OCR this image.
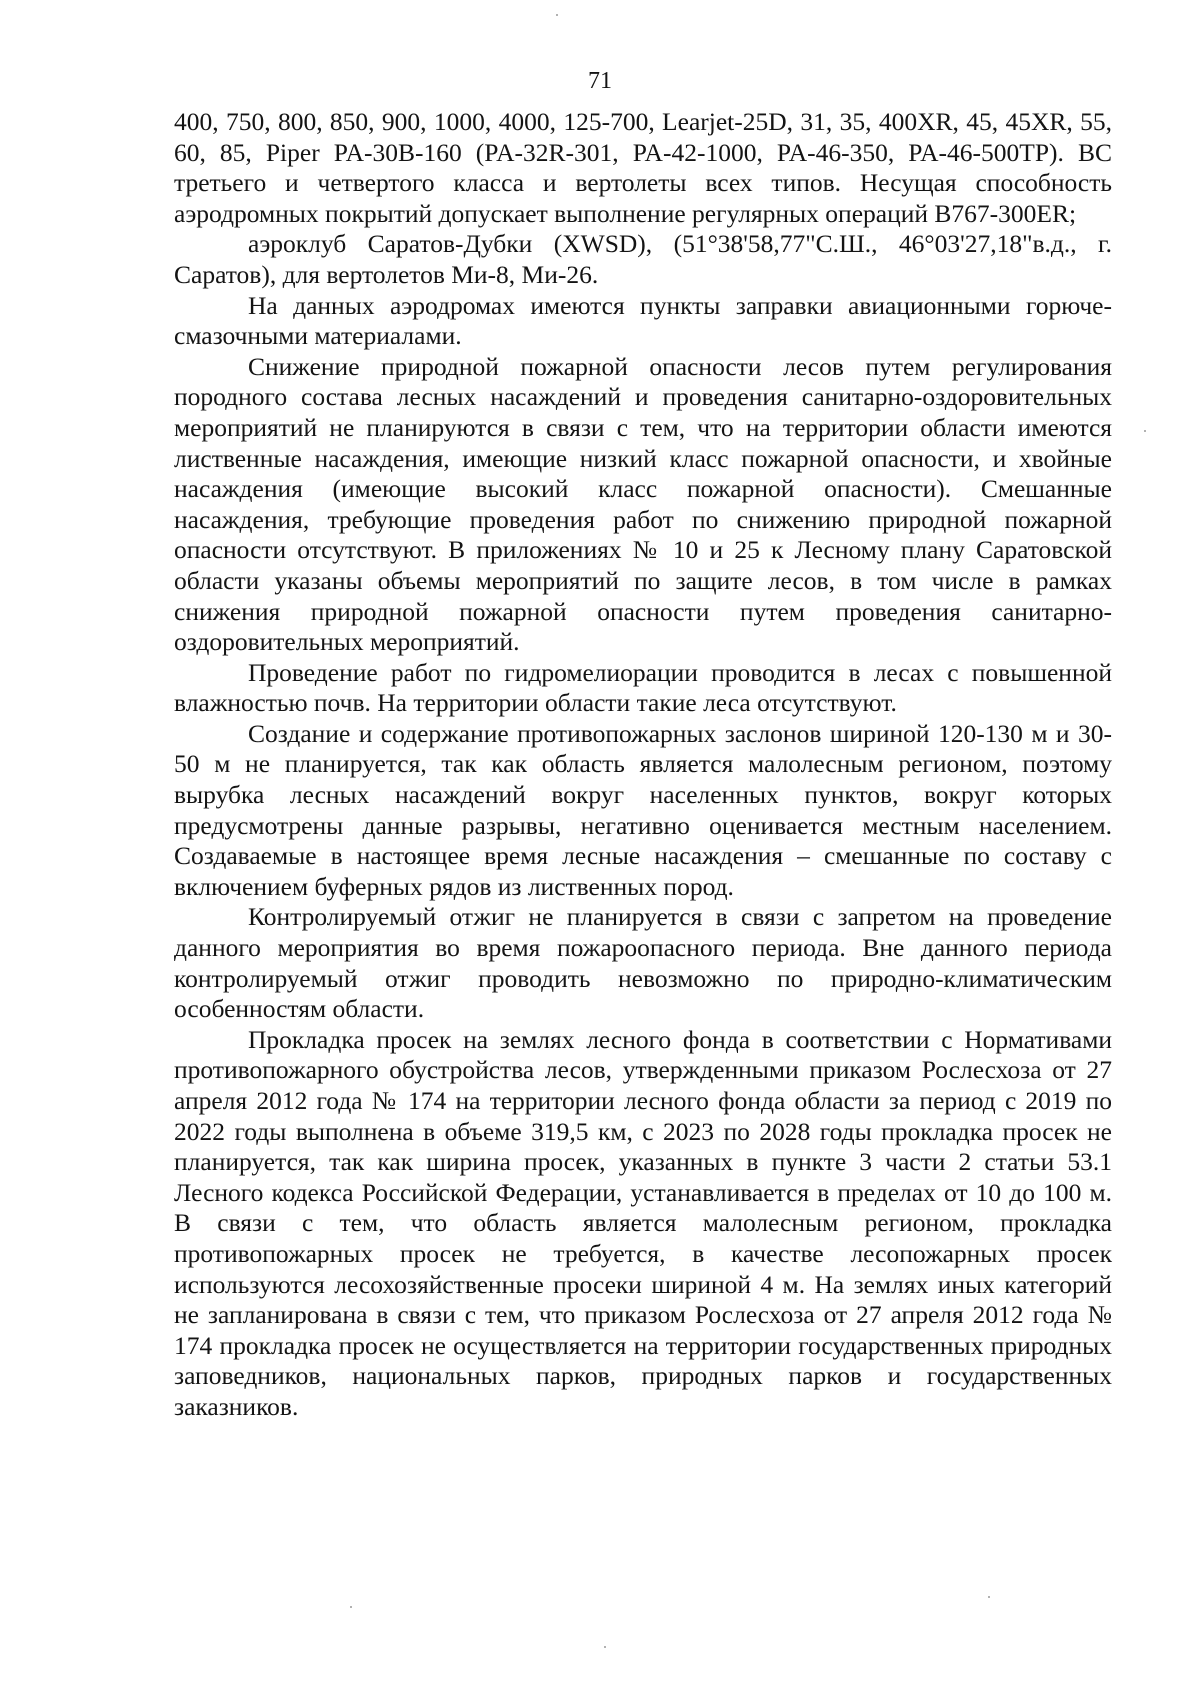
71

400, 750, 800, 850, 900, 1000, 4000, 125-700, Learjet-25D, 31, 35, 400XR, 45, 45XR, 55, 60, 85, Piper PA-30B-160 (PA-32R-301, PA-42-1000, PA-46-350, PA-46-500TP). ВС третьего и четвертого класса и вертолеты всех типов. Несущая способность аэродромных покрытий допускает выполнение регулярных операций B767-300ER;

аэроклуб Саратов-Дубки (XWSD), (51°38'58,77"С.Ш., 46°03'27,18"в.д., г. Саратов), для вертолетов Ми-8, Ми-26.

На данных аэродромах имеются пункты заправки авиационными горюче-смазочными материалами.

Снижение природной пожарной опасности лесов путем регулирования породного состава лесных насаждений и проведения санитарно-оздоровительных мероприятий не планируются в связи с тем, что на территории области имеются лиственные насаждения, имеющие низкий класс пожарной опасности, и хвойные насаждения (имеющие высокий класс пожарной опасности). Смешанные насаждения, требующие проведения работ по снижению природной пожарной опасности отсутствуют. В приложениях № 10 и 25 к Лесному плану Саратовской области указаны объемы мероприятий по защите лесов, в том числе в рамках снижения природной пожарной опасности путем проведения санитарно-оздоровительных мероприятий.

Проведение работ по гидромелиорации проводится в лесах с повышенной влажностью почв. На территории области такие леса отсутствуют.

Создание и содержание противопожарных заслонов шириной 120-130 м и 30-50 м не планируется, так как область является малолесным регионом, поэтому вырубка лесных насаждений вокруг населенных пунктов, вокруг которых предусмотрены данные разрывы, негативно оценивается местным населением. Создаваемые в настоящее время лесные насаждения – смешанные по составу с включением буферных рядов из лиственных пород.

Контролируемый отжиг не планируется в связи с запретом на проведение данного мероприятия во время пожароопасного периода. Вне данного периода контролируемый отжиг проводить невозможно по природно-климатическим особенностям области.

Прокладка просек на землях лесного фонда в соответствии с Нормативами противопожарного обустройства лесов, утвержденными приказом Рослесхоза от 27 апреля 2012 года № 174 на территории лесного фонда области за период с 2019 по 2022 годы выполнена в объеме 319,5 км, с 2023 по 2028 годы прокладка просек не планируется, так как ширина просек, указанных в пункте 3 части 2 статьи 53.1 Лесного кодекса Российской Федерации, устанавливается в пределах от 10 до 100 м. В связи с тем, что область является малолесным регионом, прокладка противопожарных просек не требуется, в качестве лесопожарных просек используются лесохозяйственные просеки шириной 4 м. На землях иных категорий не запланирована в связи с тем, что приказом Рослесхоза от 27 апреля 2012 года № 174 прокладка просек не осуществляется на территории государственных природных заповедников, национальных парков, природных парков и государственных заказников.
